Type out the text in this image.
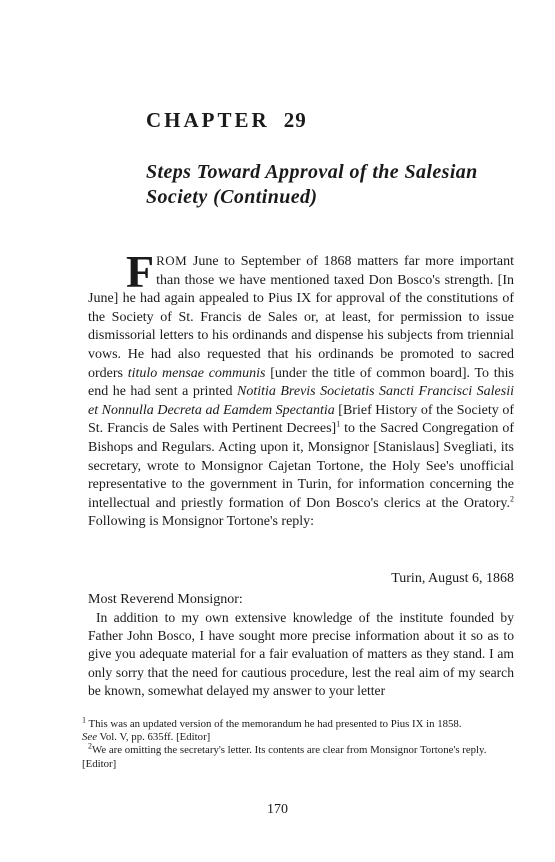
CHAPTER 29
Steps Toward Approval of the Salesian
Society (Continued)

FROM June to September of 1868 matters far more important than those we have mentioned taxed Don Bosco's strength. [In June] he had again appealed to Pius IX for approval of the constitutions of the Society of St. Francis de Sales or, at least, for permission to issue dismissorial letters to his ordinands and dispense his subjects from triennial vows. He had also requested that his ordinands be promoted to sacred orders titulo mensae communis [under the title of common board]. To this end he had sent a printed Notitia Brevis Societatis Sancti Francisci Salesii et Nonnulla Decreta ad Eamdem Spectantia [Brief History of the Society of St. Francis de Sales with Pertinent Decrees]$^1$ to the Sacred Congregation of Bishops and Regulars. Acting upon it, Monsignor [Stanislaus] Svegliati, its secretary, wrote to Monsignor Cajetan Tortone, the Holy See's unofficial representative to the government in Turin, for information concerning the intellectual and priestly formation of Don Bosco's clerics at the Oratory.$^2$ Following is Monsignor Tortone's reply:

Turin, August 6, 1868
Most Reverend Monsignor:

In addition to my own extensive knowledge of the institute founded by Father John Bosco, I have sought more precise information about it so as to give you adequate material for a fair evaluation of matters as they stand. I am only sorry that the need for cautious procedure, lest the real aim of my search be known, somewhat delayed my answer to your letter

$^1$ This was an updated version of the memorandum he had presented to Pius IX in 1858.
See Vol. V, pp. 635ff. [Editor]

$^2$We are omitting the secretary's letter. Its contents are clear from Monsignor Tortone's reply. [Editor]

170
